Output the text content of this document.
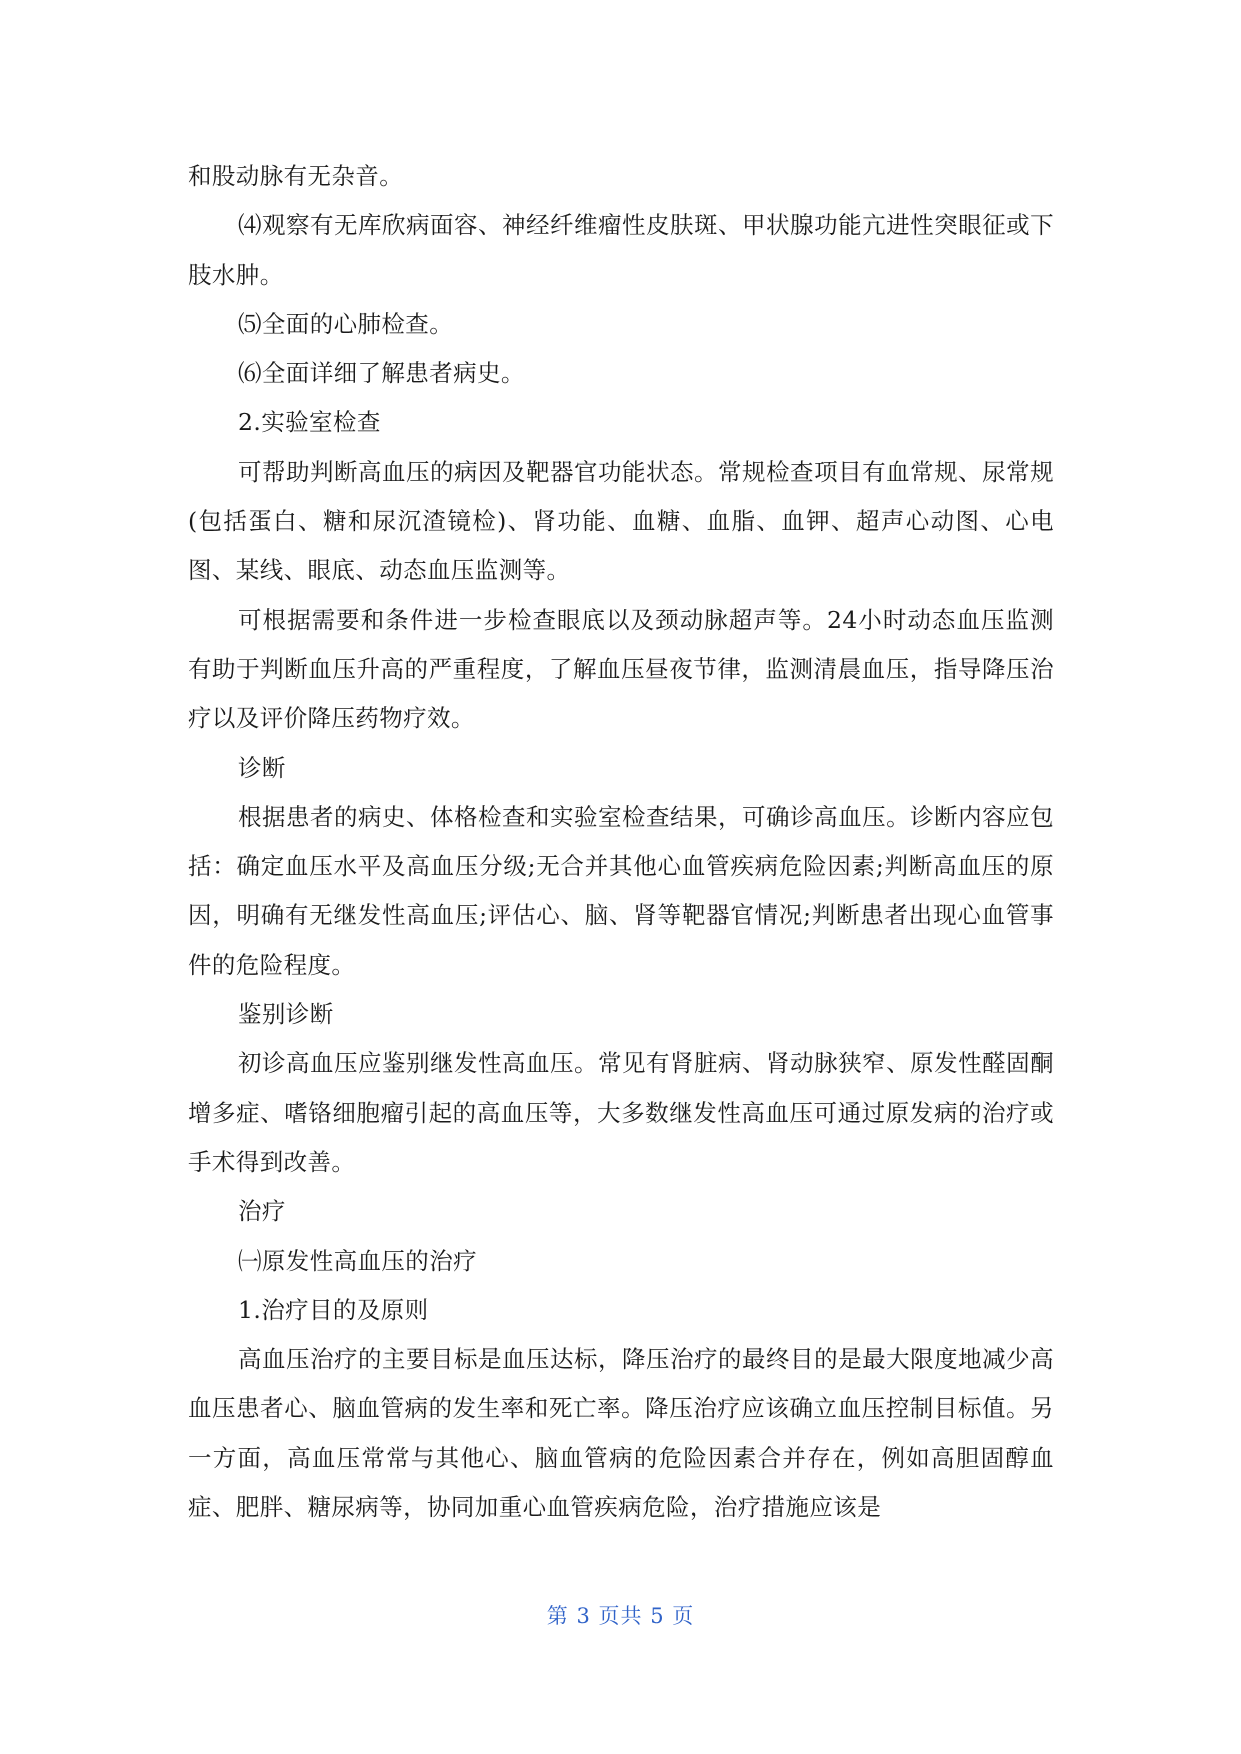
和股动脉有无杂音。

⑷观察有无库欣病面容、神经纤维瘤性皮肤斑、甲状腺功能亢进性突眼征或下肢水肿。

⑸全面的心肺检查。

⑹全面详细了解患者病史。

2.实验室检查

可帮助判断高血压的病因及靶器官功能状态。常规检查项目有血常规、尿常规(包括蛋白、糖和尿沉渣镜检)、肾功能、血糖、血脂、血钾、超声心动图、心电图、某线、眼底、动态血压监测等。

可根据需要和条件进一步检查眼底以及颈动脉超声等。24小时动态血压监测有助于判断血压升高的严重程度，了解血压昼夜节律，监测清晨血压，指导降压治疗以及评价降压药物疗效。

诊断

根据患者的病史、体格检查和实验室检查结果，可确诊高血压。诊断内容应包括：确定血压水平及高血压分级;无合并其他心血管疾病危险因素;判断高血压的原因，明确有无继发性高血压;评估心、脑、肾等靶器官情况;判断患者出现心血管事件的危险程度。

鉴别诊断

初诊高血压应鉴别继发性高血压。常见有肾脏病、肾动脉狭窄、原发性醛固酮增多症、嗜铬细胞瘤引起的高血压等，大多数继发性高血压可通过原发病的治疗或手术得到改善。

治疗

㈠原发性高血压的治疗

1.治疗目的及原则

高血压治疗的主要目标是血压达标，降压治疗的最终目的是最大限度地减少高血压患者心、脑血管病的发生率和死亡率。降压治疗应该确立血压控制目标值。另一方面，高血压常常与其他心、脑血管病的危险因素合并存在，例如高胆固醇血症、肥胖、糖尿病等，协同加重心血管疾病危险，治疗措施应该是

第 3 页共 5 页
